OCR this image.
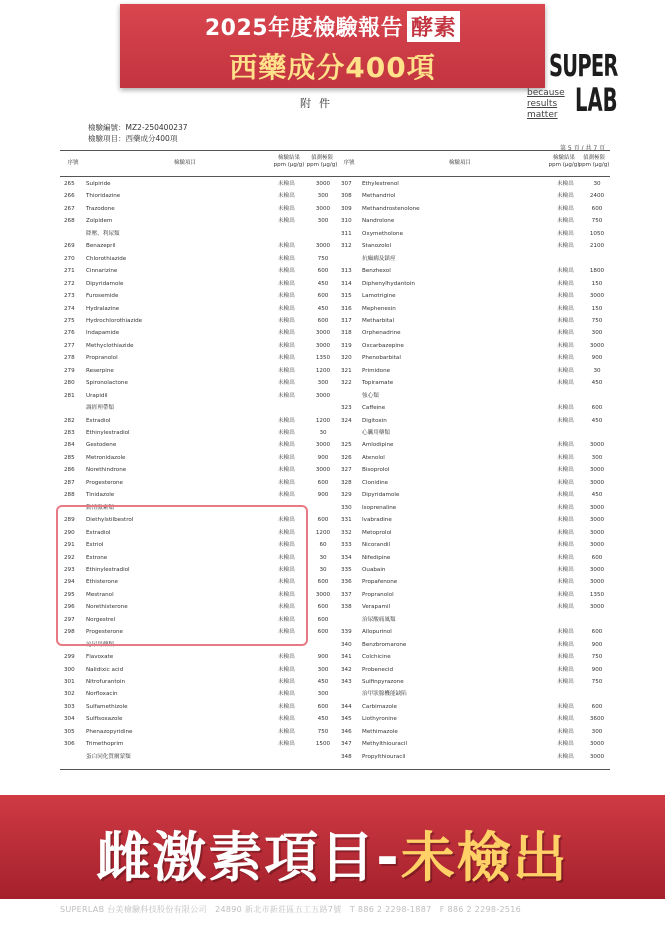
2025年度檢驗報告 酵素
西藥成分400項	SUPER
because
results
matter LAB
附件
檢驗編號：MZ2-250400237
檢驗項目：西藥成分400項
第 5 頁 / 共 7 頁
序號	檢驗項目
檢驗結果 ppm (μg/g)
偵測極限 ppm (μg/g)	序號	檢驗項目
檢驗結果 ppm (μg/g)
偵測極限 ppm (μg/g)
265 Sulpiride	未檢出	3000	307 Ethylestrenol	未檢出	30
266 Thioridazine	未檢出	300	308 Methandriol	未檢出	2400
267 Trazodone	未檢出	3000	309 Methandrostenolone	未檢出	600
268 Zolpidem	未檢出	300	310 Nandrolone	未檢出	750
降壓、利尿類	311 Oxymetholone	未檢出	1050
269 Benazepril	未檢出	3000	312 Stanozolol	未檢出	2100
270 Chlorothiazide	未檢出	750	抗癲癇及鎮痙
271 Cinnarizine	未檢出	600	313 Benzhexol	未檢出	1800
272 Dipyridamole	未檢出	450	314 Diphenylhydantoin	未檢出	150
273 Furosemide	未檢出	600	315 Lamotrigine	未檢出	3000
274 Hydralazine	未檢出	450	316 Mephenesin	未檢出	150
275 Hydrochlorothiazide	未檢出	600	317 Metharbital	未檢出	750
276 Indapamide	未檢出	3000	318 Orphenadrine	未檢出	300
277 Methyclothiazide	未檢出	3000	319 Oxcarbazepine	未檢出	3000
278 Propranolol	未檢出	1350	320 Phenobarbital	未檢出	900
279 Reserpine	未檢出	1200	321 Primidone	未檢出	30
280 Spironolactone	未檢出	300	322 Topiramate	未檢出	450
281 Urapidil	未檢出	3000	強心類
調經理帶類	323 Caffeine	未檢出	600
282 Estradiol	未檢出	1200	324 Digitoxin	未檢出	450
283 Ethinylestradiol	未檢出	30	心臟用藥類
284 Gestodene	未檢出	3000	325 Amlodipine	未檢出	3000
285 Metronidazole	未檢出	900	326 Atenolol	未檢出	300
286 Norethindrone	未檢出	3000	327 Bisoprolol	未檢出	3000
287 Progesterone	未檢出	600	328 Clonidine	未檢出	3000
288 Tinidazole	未檢出	900	329 Dipyridamole	未檢出	450
動情激素類	330 Isoprenaline	未檢出	3000
289 Diethylstilbestrol	未檢出	600	331 Ivabradine	未檢出	3000
290 Estradiol	未檢出	1200	332 Metoprolol	未檢出	3000
291 Estriol	未檢出	60	333 Nicorandil	未檢出	3000
292 Estrone	未檢出	30	334 Nifedipine	未檢出	600
293 Ethinylestradiol	未檢出	30	335 Ouabain	未檢出	3000
294 Ethisterone	未檢出	600	336 Propafenone	未檢出	3000
295 Mestranol	未檢出	3000	337 Propranolol	未檢出	1350
296 Norethisterone	未檢出	600	338 Verapamil	未檢出	3000
297 Norgestrel	未檢出	600	治尿酸痛風類
298 Progesterone	未檢出	600	339 Allopurinol	未檢出	600
泌尿用藥類	340 Benzbromarone	未檢出	900
299 Flavoxate	未檢出	900	341 Colchicine	未檢出	750
300 Nalidixic acid	未檢出	300	342 Probenecid	未檢出	900
301 Nitrofurantoin	未檢出	450	343 Sulfinpyrazone	未檢出	750
302 Norfloxacin	未檢出	300	治甲狀腺機能缺陷
303 Sulfamethizole	未檢出	600	344 Carbimazole	未檢出	600
304 Sulfisoxazole	未檢出	450	345 Liothyronine	未檢出	3600
305 Phenazopyridine	未檢出	750	346 Methimazole	未檢出	300
306 Trimethoprim	未檢出	1500	347 Methylthiouracil	未檢出	3000
蛋白同化質爾蒙類	348 Propylthiouracil	未檢出	3000
SUPERLAB 台美檢驗科技股份有限公司　24890 新北市新莊區五工五路7號　T 886 2 2298-1887　F 886 2 2298-2516
雌激素項目-未檢出
